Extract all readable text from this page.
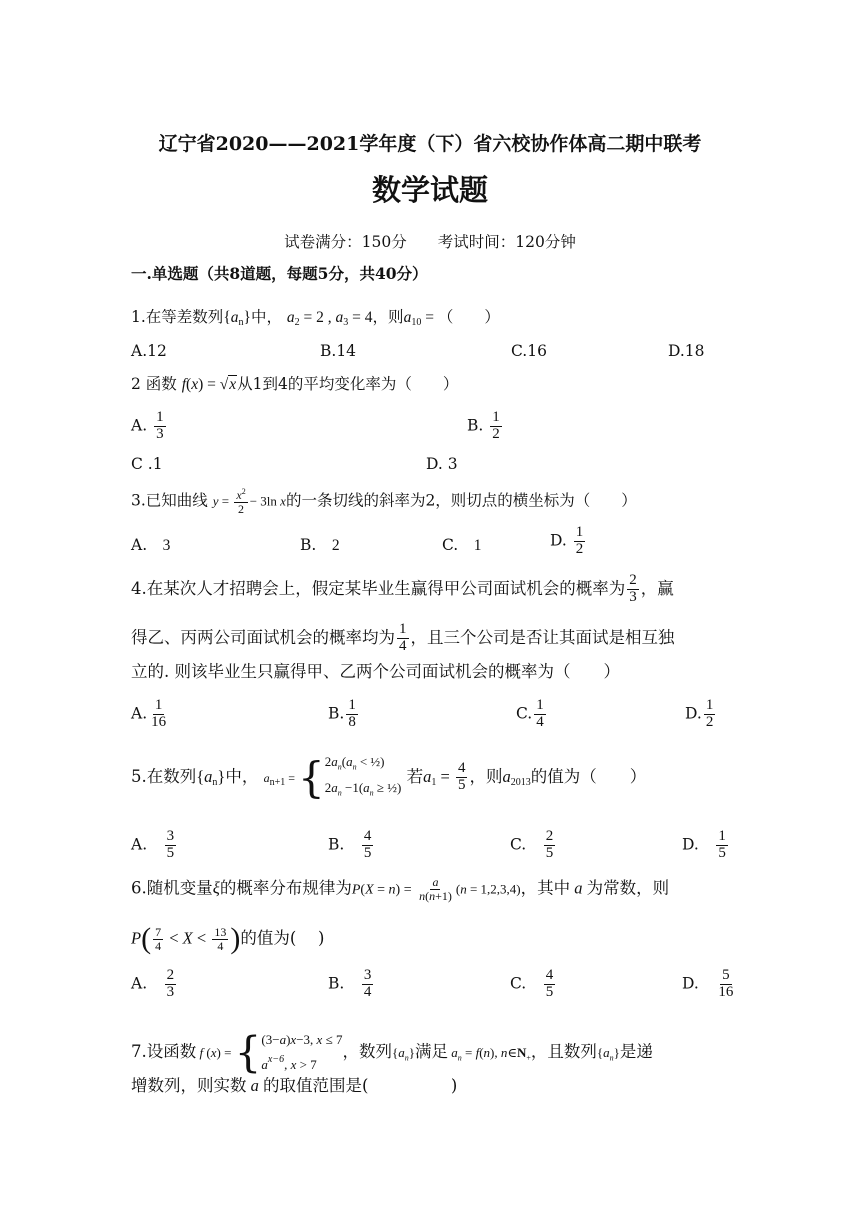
辽宁省2020——2021学年度（下）省六校协作体高二期中联考
数学试题
试卷满分：150分　　考试时间：120分钟
一.单选题（共8道题，每题5分，共40分）
1.在等差数列$\{a_n\}$中， $a_2 = 2$ , $a_3 = 4$，则$a_{10}$ = （　　）
A.12	B.14	C.16	D.18
2 函数 f(x) = √x从1到4的平均变化率为（　　）
A. $\frac{1}{3}$	B. $\frac{1}{2}$
C .1	D. 3
3.已知曲线 $y = \frac{x^2}{2} - 3\ln$ x的一条切线的斜率为2，则切点的横坐标为（　　）
A.　 3	B.　 2	C.　 1	D. $\frac{1}{2}$
4.在某次人才招聘会上，假定某毕业生赢得甲公司面试机会的概率为 $\frac{2}{3}$ ，赢
得乙、丙两公司面试机会的概率均为 $\frac{1}{4}$ ，且三个公司是否让其面试是相互独
立的. 则该毕业生只赢得甲、乙两个公司面试机会的概率为（　　）
A. $\frac{1}{16}$	B. $\frac{1}{8}$	C. $\frac{1}{4}$	D. $\frac{1}{2}$
5.在数列$\{a_n\}$中， $a_{n+1}$ = { $2a_n(a_n$ < ½)
$2a_n -1(a_n$ ≥ ½)
若$a_1 = \frac{4}{5}$ ，则$a_{2013}$的值为（　　）
A.　 $\frac{3}{5}$	B.　 $\frac{4}{5}$	C.　 $\frac{2}{5}$	D.　 $\frac{1}{5}$
6.随机变量ξ的概率分布规律为$P(X = n) = \frac{a}{n(n+1)} (n = 1,2,3,4)$，其中 a 为常数，则
$P( \frac{7}{4} < X < \frac{13}{4}$ )的值为(　 )
A.　 $\frac{2}{3}$	B.　 $\frac{3}{4}$	C.　 $\frac{4}{5}$	D.　 $\frac{5}{16}$
7.设函数 f (x) = { (3−a)x−3, x ≤ 7
$a^{x-6}$, x > 7
，数列$\{a_n\}$满足 $a_n = f(n)$, $n\in N_+$，且数列$\{a_n\}$是递
增数列，则实数 a 的取值范围是(　　　　　)
